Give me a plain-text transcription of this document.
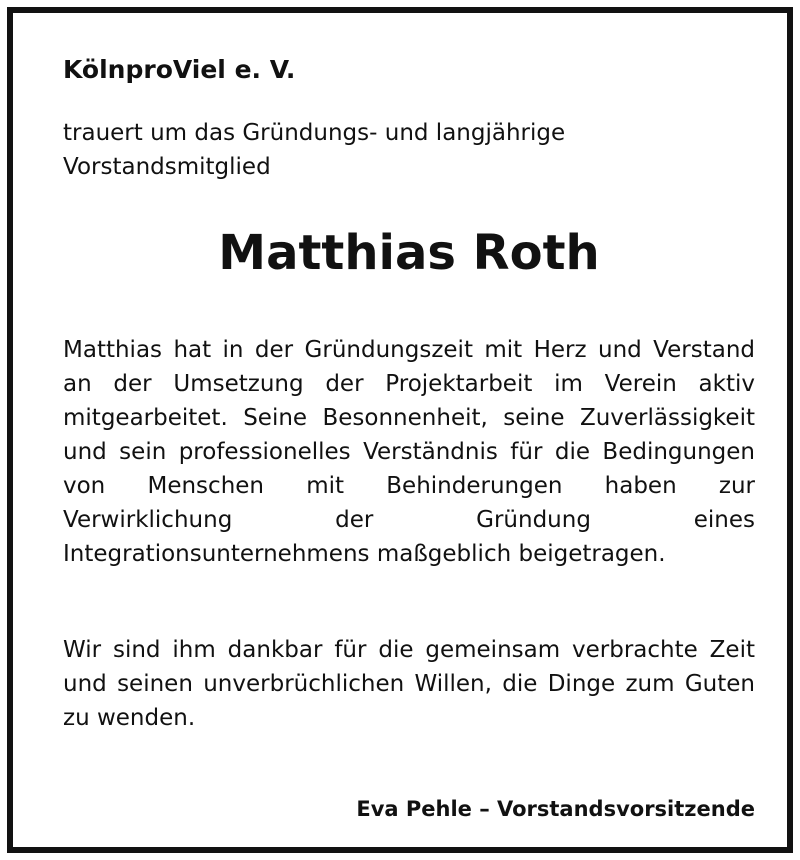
KölnproViel e. V.

trauert um das Gründungs- und langjährige Vorstandsmitglied

Matthias Roth

Matthias hat in der Gründungszeit mit Herz und Verstand an der Umsetzung der Projektarbeit im Verein aktiv mitgearbeitet. Seine Besonnenheit, seine Zuverlässigkeit und sein professionelles Verständnis für die Bedingungen von Menschen mit Behinderungen haben zur Verwirklichung der Gründung eines Integrationsunternehmens maßgeblich beigetragen.

Wir sind ihm dankbar für die gemeinsam verbrachte Zeit und seinen unverbrüchlichen Willen, die Dinge zum Guten zu wenden.

Eva Pehle – Vorstandsvorsitzende
